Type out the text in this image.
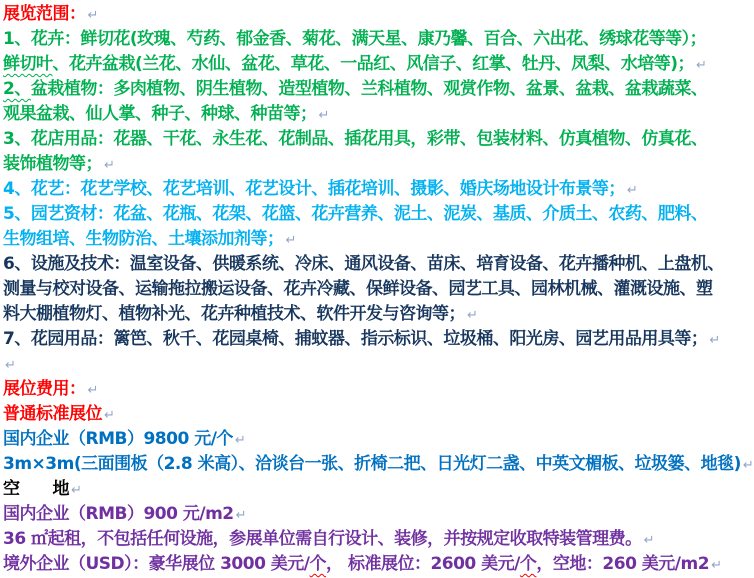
展览范围： ↵
1、花卉：鲜切花(玫瑰、芍药、郁金香、菊花、满天星、康乃馨、百合、六出花、绣球花等等）；
鲜切叶、花卉盆栽(兰花、水仙、盆花、草花、一品红、风信子、红掌、牡丹、凤梨、水培等)； ↵
2、盆栽植物：多肉植物、阴生植物、造型植物、兰科植物、观赏作物、盆景、盆栽、盆栽蔬菜、
观果盆栽、仙人掌、种子、种球、种苗等； ↵
3、花店用品：花器、干花、永生花、花制品、插花用具，彩带、包装材料、仿真植物、仿真花、
装饰植物等； ↵
4、花艺：花艺学校、花艺培训、花艺设计、插花培训、摄影、婚庆场地设计布景等； ↵
5、园艺资材：花盆、花瓶、花架、花篮、花卉营养、泥土、泥炭、基质、介质土、农药、肥料、
生物组培、生物防治、土壤添加剂等； ↵
6、设施及技术：温室设备、供暖系统、冷床、通风设备、苗床、培育设备、花卉播种机、上盘机、
测量与校对设备、运输拖拉搬运设备、花卉冷藏、保鲜设备、园艺工具、园林机械、灌溉设施、塑
料大棚植物灯、植物补光、花卉种植技术、软件开发与咨询等； ↵
7、花园用品：篱笆、秋千、花园桌椅、捕蚊器、指示标识、垃圾桶、阳光房、园艺用品用具等； ↵
↵
展位费用： ↵
普通标准展位 ↵
国内企业（RMB）9800 元/个 ↵
3m×3m(三面围板（2.8 米高）、洽谈台一张、折椅二把、日光灯二盏、中英文楣板、垃圾篓、地毯) ↵
空　　地 ↵
国内企业（RMB）900 元/m2 ↵
36 ㎡起租，不包括任何设施，参展单位需自行设计、装修，并按规定收取特装管理费。 ↵
境外企业（USD）：豪华展位 3000 美元/个， 标准展位：2600 美元/个，空地：260 美元/m2 ↵
